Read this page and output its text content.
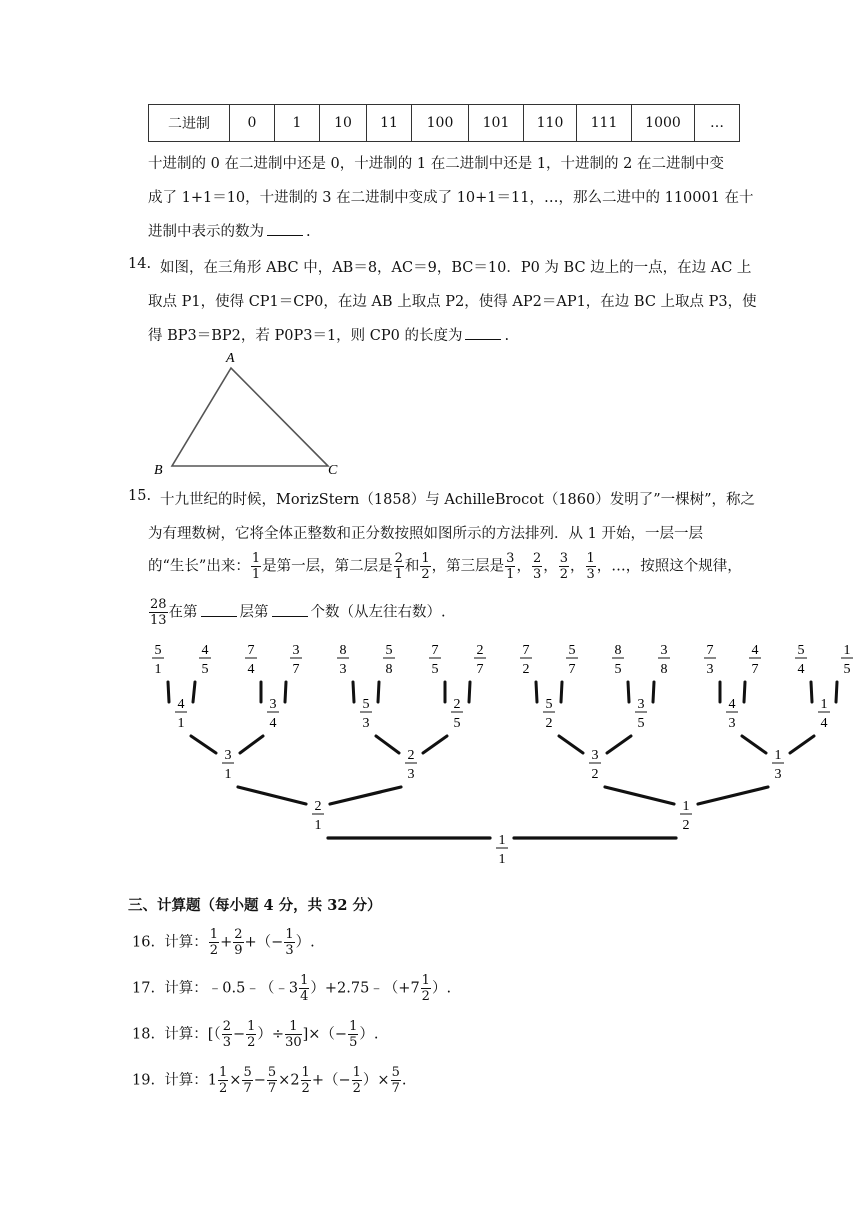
二进制	0	1	10	11	100	101	110	111	1000	…
十进制的 0 在二进制中还是 0，十进制的 1 在二进制中还是 1，十进制的 2 在二进制中变
成了 1+1＝10，十进制的 3 在二进制中变成了 10+1＝11，…，那么二进中的 110001 在十
进制中表示的数为	.
14. 如图，在三角形 ABC 中，AB＝8，AC＝9，BC＝10．P0 为 BC 边上的一点，在边 AC 上
取点 P1，使得 CP1＝CP0，在边 AB 上取点 P2，使得 AP2＝AP1，在边 BC 上取点 P3，使
得 BP3＝BP2，若 P0P3＝1，则 CP0 的长度为	.
A
B	C
15. 十九世纪的时候，MorizStern（1858）与 AchilleBrocot（1860）发明了”一棵树”，称之
为有理数树，它将全体正整数和正分数按照如图所示的方法排列．从 1 开始，一层一层
的“生长”出来： $\frac{1}{1}$ 是第一层，第二层是 $\frac{2}{1}$ 和 $\frac{1}{2}$ ，第三层是 $\frac{3}{1}$ ， $\frac{2}{3}$ ， $\frac{3}{2}$ ， $\frac{1}{3}$ ，…，按照这个规律，
$\frac{28}{13}$ 在第	层第	个数（从左往右数）.
1
1
2
1
1
2
3
1
2
3
3
2
1
3
4
1
3
4
5
3
2
5
5
2
3
5
4
3
1
4
5
1
4
5
7
4
3
7
8
3
5
8
7
5
2
7
7
2
5
7
8
5
3
8
7
3
4
7
5
4
1
5
三、计算题（每小题 4 分，共 32 分）
16. 计算： $\frac{1}{2} + \frac{2}{9}$ +（− $\frac{1}{3}$ ）.
17. 计算：﹣0.5﹣（﹣3 $\frac{1}{4}$ ）+2.75﹣（+7 $\frac{1}{2}$ ）.
18. 计算：[（ $\frac{2}{3} - \frac{1}{2}$ ）÷ $\frac{1}{30}$ ]×（− $\frac{1}{5}$ ）.
19. 计算：$1 \frac{1}{2} \times \frac{5}{7} - \frac{5}{7} \times 2 \frac{1}{2}$ +（− $\frac{1}{2}$ ）× $\frac{5}{7}$ .
